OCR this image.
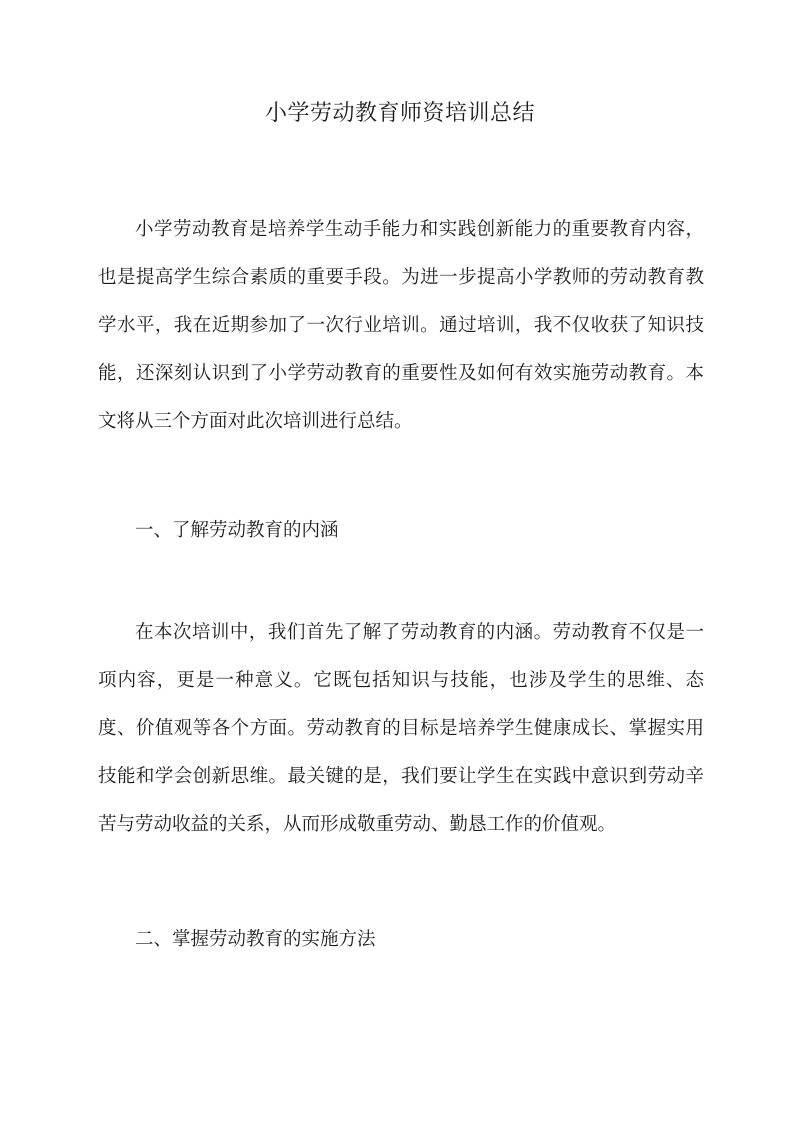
小学劳动教育师资培训总结

小学劳动教育是培养学生动手能力和实践创新能力的重要教育内容，也是提高学生综合素质的重要手段。为进一步提高小学教师的劳动教育教学水平，我在近期参加了一次行业培训。通过培训，我不仅收获了知识技能，还深刻认识到了小学劳动教育的重要性及如何有效实施劳动教育。本文将从三个方面对此次培训进行总结。

一、了解劳动教育的内涵

在本次培训中，我们首先了解了劳动教育的内涵。劳动教育不仅是一项内容，更是一种意义。它既包括知识与技能，也涉及学生的思维、态度、价值观等各个方面。劳动教育的目标是培养学生健康成长、掌握实用技能和学会创新思维。最关键的是，我们要让学生在实践中意识到劳动辛苦与劳动收益的关系，从而形成敬重劳动、勤恳工作的价值观。

二、掌握劳动教育的实施方法
